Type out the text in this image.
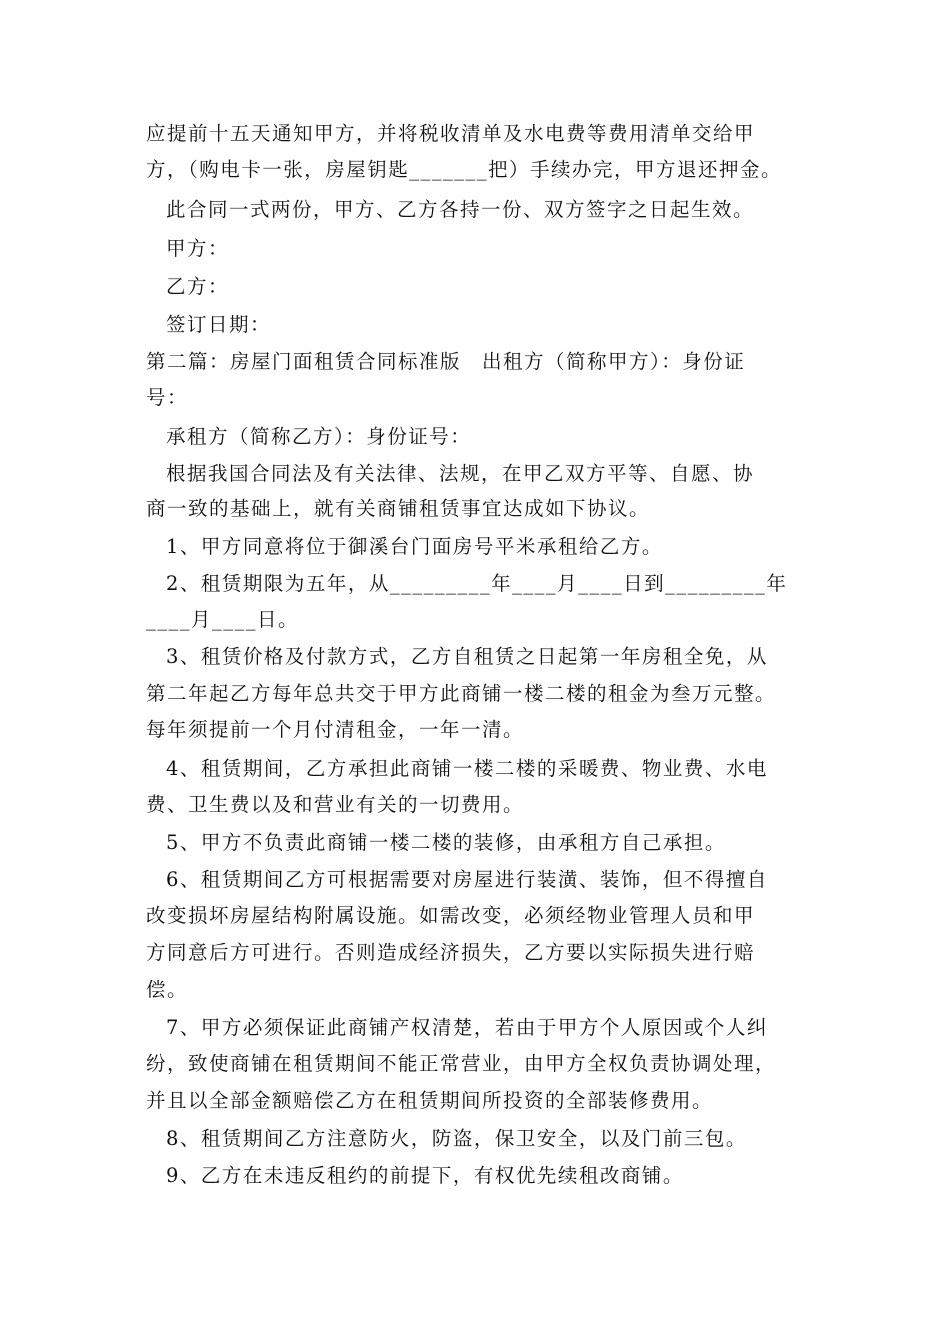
应提前十五天通知甲方，并将税收清单及水电费等费用清单交给甲
方，（购电卡一张，房屋钥匙_______把）手续办完，甲方退还押金。
此合同一式两份，甲方、乙方各持一份、双方签字之日起生效。
甲方：
乙方：
签订日期：
第二篇：房屋门面租赁合同标准版　出租方（简称甲方）：身份证
号：
承租方（简称乙方）：身份证号：
根据我国合同法及有关法律、法规，在甲乙双方平等、自愿、协
商一致的基础上，就有关商铺租赁事宜达成如下协议。
1、甲方同意将位于御溪台门面房号平米承租给乙方。
2、租赁期限为五年，从_________年____月____日到_________年
____月____日。
3、租赁价格及付款方式，乙方自租赁之日起第一年房租全免，从
第二年起乙方每年总共交于甲方此商铺一楼二楼的租金为叁万元整。
每年须提前一个月付清租金，一年一清。
4、租赁期间，乙方承担此商铺一楼二楼的采暖费、物业费、水电
费、卫生费以及和营业有关的一切费用。
5、甲方不负责此商铺一楼二楼的装修，由承租方自己承担。
6、租赁期间乙方可根据需要对房屋进行装潢、装饰，但不得擅自
改变损坏房屋结构附属设施。如需改变，必须经物业管理人员和甲
方同意后方可进行。否则造成经济损失，乙方要以实际损失进行赔
偿。
7、甲方必须保证此商铺产权清楚，若由于甲方个人原因或个人纠
纷，致使商铺在租赁期间不能正常营业，由甲方全权负责协调处理，
并且以全部金额赔偿乙方在租赁期间所投资的全部装修费用。
8、租赁期间乙方注意防火，防盗，保卫安全，以及门前三包。
9、乙方在未违反租约的前提下，有权优先续租改商铺。
